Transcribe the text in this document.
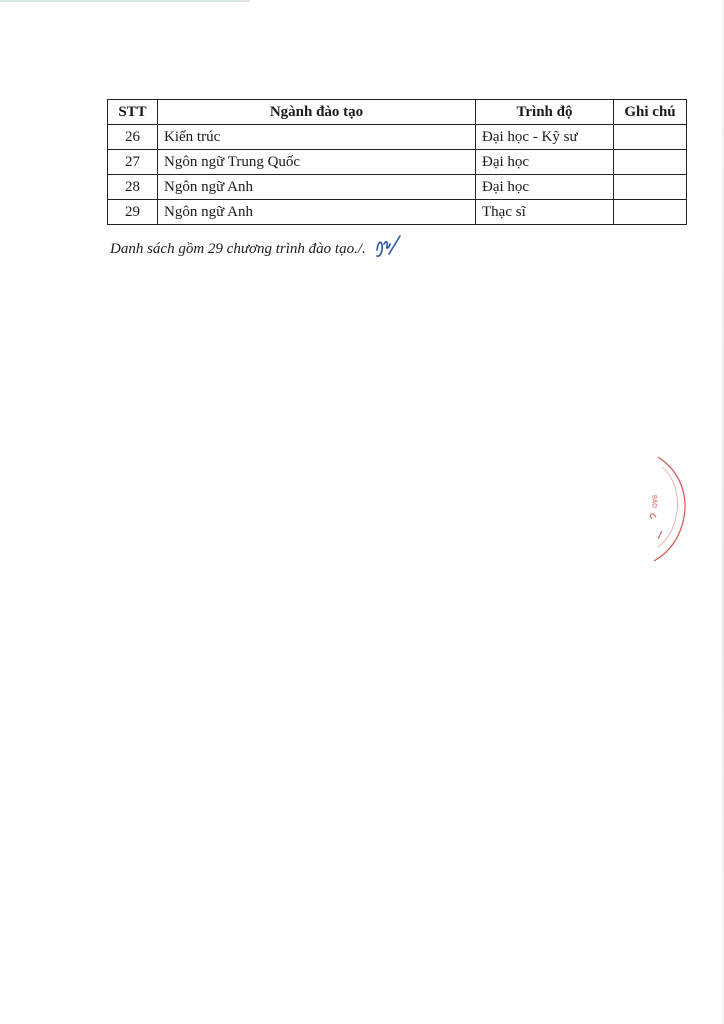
STT	Ngành đào tạo	Trình độ	Ghi chú
26	Kiến trúc	Đại học - Kỹ sư	
27	Ngôn ngữ Trung Quốc	Đại học	
28	Ngôn ngữ Anh	Đại học	
29	Ngôn ngữ Anh	Thạc sĩ	
Danh sách gồm 29 chương trình đào tạo./.
BÀO
